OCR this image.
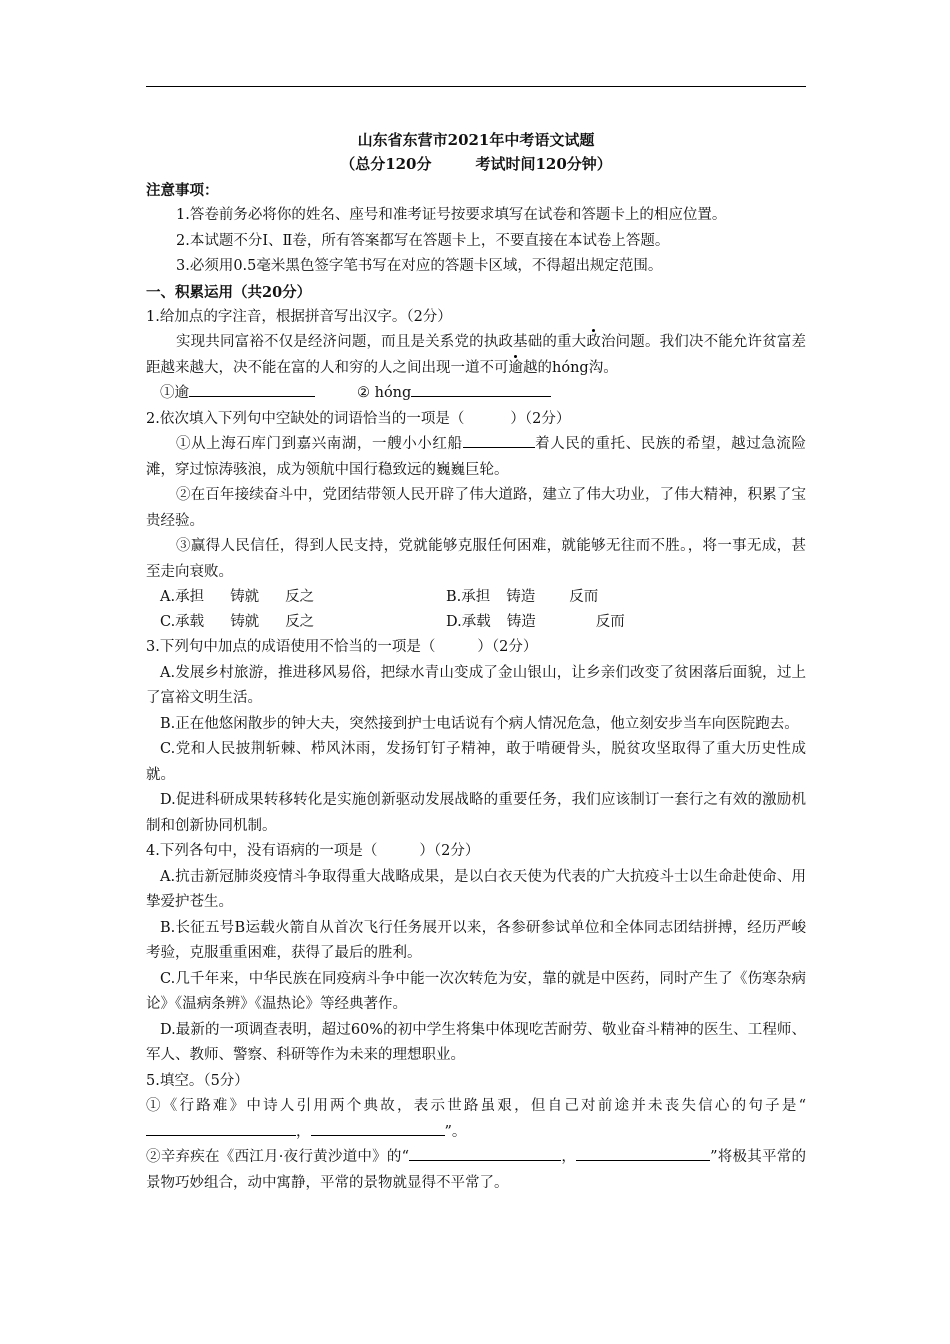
山东省东营市2021年中考语文试题
（总分120分	考试时间120分钟）
注意事项：
1.答卷前务必将你的姓名、座号和准考证号按要求填写在试卷和答题卡上的相应位置。
2.本试题不分Ⅰ、Ⅱ卷，所有答案都写在答题卡上，不要直接在本试卷上答题。
3.必须用0.5毫米黑色签字笔书写在对应的答题卡区域，不得超出规定范围。
一、积累运用（共20分）
1.给加点的字注音，根据拼音写出汉字。（2分）
实现共同富裕不仅是经济问题，而且是关系党的执政基础的重大政治问题。我们决不能允许贫富差距越来越大，决不能在富的人和穷的人之间出现一道不可逾越的hóng沟。
①逾	② hóng
2.依次填入下列句中空缺处的词语恰当的一项是（	）（2分）
①从上海石库门到嘉兴南湖，一艘小小红船	着人民的重托、民族的希望，越过急流险滩，穿过惊涛骇浪，成为领航中国行稳致远的巍巍巨轮。
②在百年接续奋斗中，党团结带领人民开辟了伟大道路，建立了伟大功业，了伟大精神，积累了宝贵经验。
③赢得人民信任，得到人民支持，党就能够克服任何困难，就能够无往而不胜。，将一事无成，甚至走向衰败。
A.承担 铸就 反之	B.承担 铸造 反而
C.承载 铸就 反之	D.承载 铸造	反而
3.下列句中加点的成语使用不恰当的一项是（	）（2分）
A.发展乡村旅游，推进移风易俗，把绿水青山变成了金山银山，让乡亲们改变了贫困落后面貌，过上了富裕文明生活。
B.正在他悠闲散步的钟大夫，突然接到护士电话说有个病人情况危急，他立刻安步当车向医院跑去。
C.党和人民披荆斩棘、栉风沐雨，发扬钉钉子精神，敢于啃硬骨头，脱贫攻坚取得了重大历史性成就。
D.促进科研成果转移转化是实施创新驱动发展战略的重要任务，我们应该制订一套行之有效的激励机制和创新协同机制。
4.下列各句中，没有语病的一项是（	）（2分）
A.抗击新冠肺炎疫情斗争取得重大战略成果，是以白衣天使为代表的广大抗疫斗士以生命赴使命、用挚爱护苍生。
B.长征五号B运载火箭自从首次飞行任务展开以来，各参研参试单位和全体同志团结拼搏，经历严峻考验，克服重重困难，获得了最后的胜利。
C.几千年来，中华民族在同疫病斗争中能一次次转危为安，靠的就是中医药，同时产生了《伤寒杂病论》《温病条辨》《温热论》等经典著作。
D.最新的一项调查表明，超过60%的初中学生将集中体现吃苦耐劳、敬业奋斗精神的医生、工程师、军人、教师、警察、科研等作为未来的理想职业。
5.填空。（5分）
①《行路难》中诗人引用两个典故，表示世路虽艰，但自己对前途并未丧失信心的句子是“，	”。
②辛弃疾在《西江月·夜行黄沙道中》的“	，	”将极其平常的景物巧妙组合，动中寓静，平常的景物就显得不平常了。
